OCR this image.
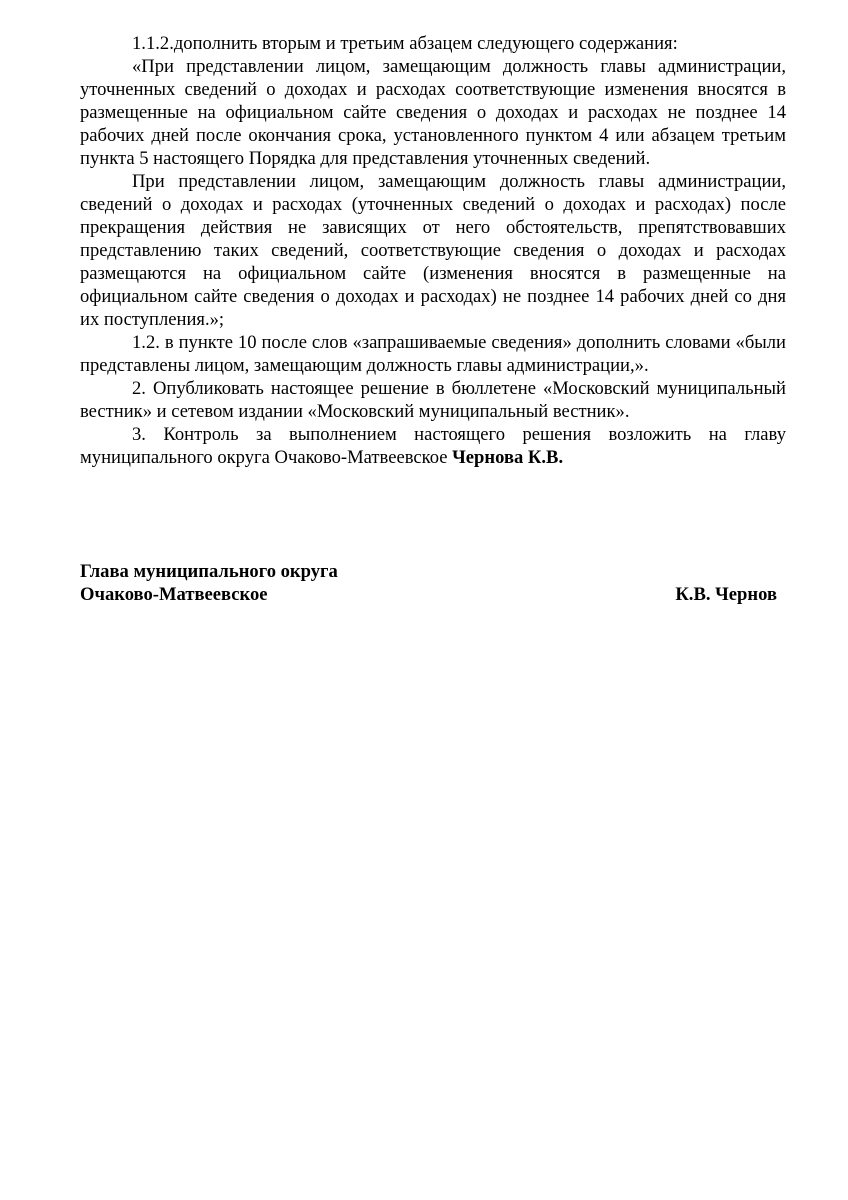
1.1.2.дополнить вторым и третьим абзацем следующего содержания:

«При представлении лицом, замещающим должность главы администрации, уточненных сведений о доходах и расходах соответствующие изменения вносятся в размещенные на официальном сайте сведения о доходах и расходах не позднее 14 рабочих дней после окончания срока, установленного пунктом 4 или абзацем третьим пункта 5 настоящего Порядка для представления уточненных сведений.

При представлении лицом, замещающим должность главы администрации, сведений о доходах и расходах (уточненных сведений о доходах и расходах) после прекращения действия не зависящих от него обстоятельств, препятствовавших представлению таких сведений, соответствующие сведения о доходах и расходах размещаются на официальном сайте (изменения вносятся в размещенные на официальном сайте сведения о доходах и расходах) не позднее 14 рабочих дней со дня их поступления.»;

1.2. в пункте 10 после слов «запрашиваемые сведения» дополнить словами «были представлены лицом, замещающим должность главы администрации,».

2. Опубликовать настоящее решение в бюллетене «Московский муниципальный вестник» и сетевом издании «Московский муниципальный вестник».

3. Контроль за выполнением настоящего решения возложить на главу муниципального округа Очаково-Матвеевское Чернова К.В.

Глава муниципального округа
Очаково-Матвеевское	К.В. Чернов
